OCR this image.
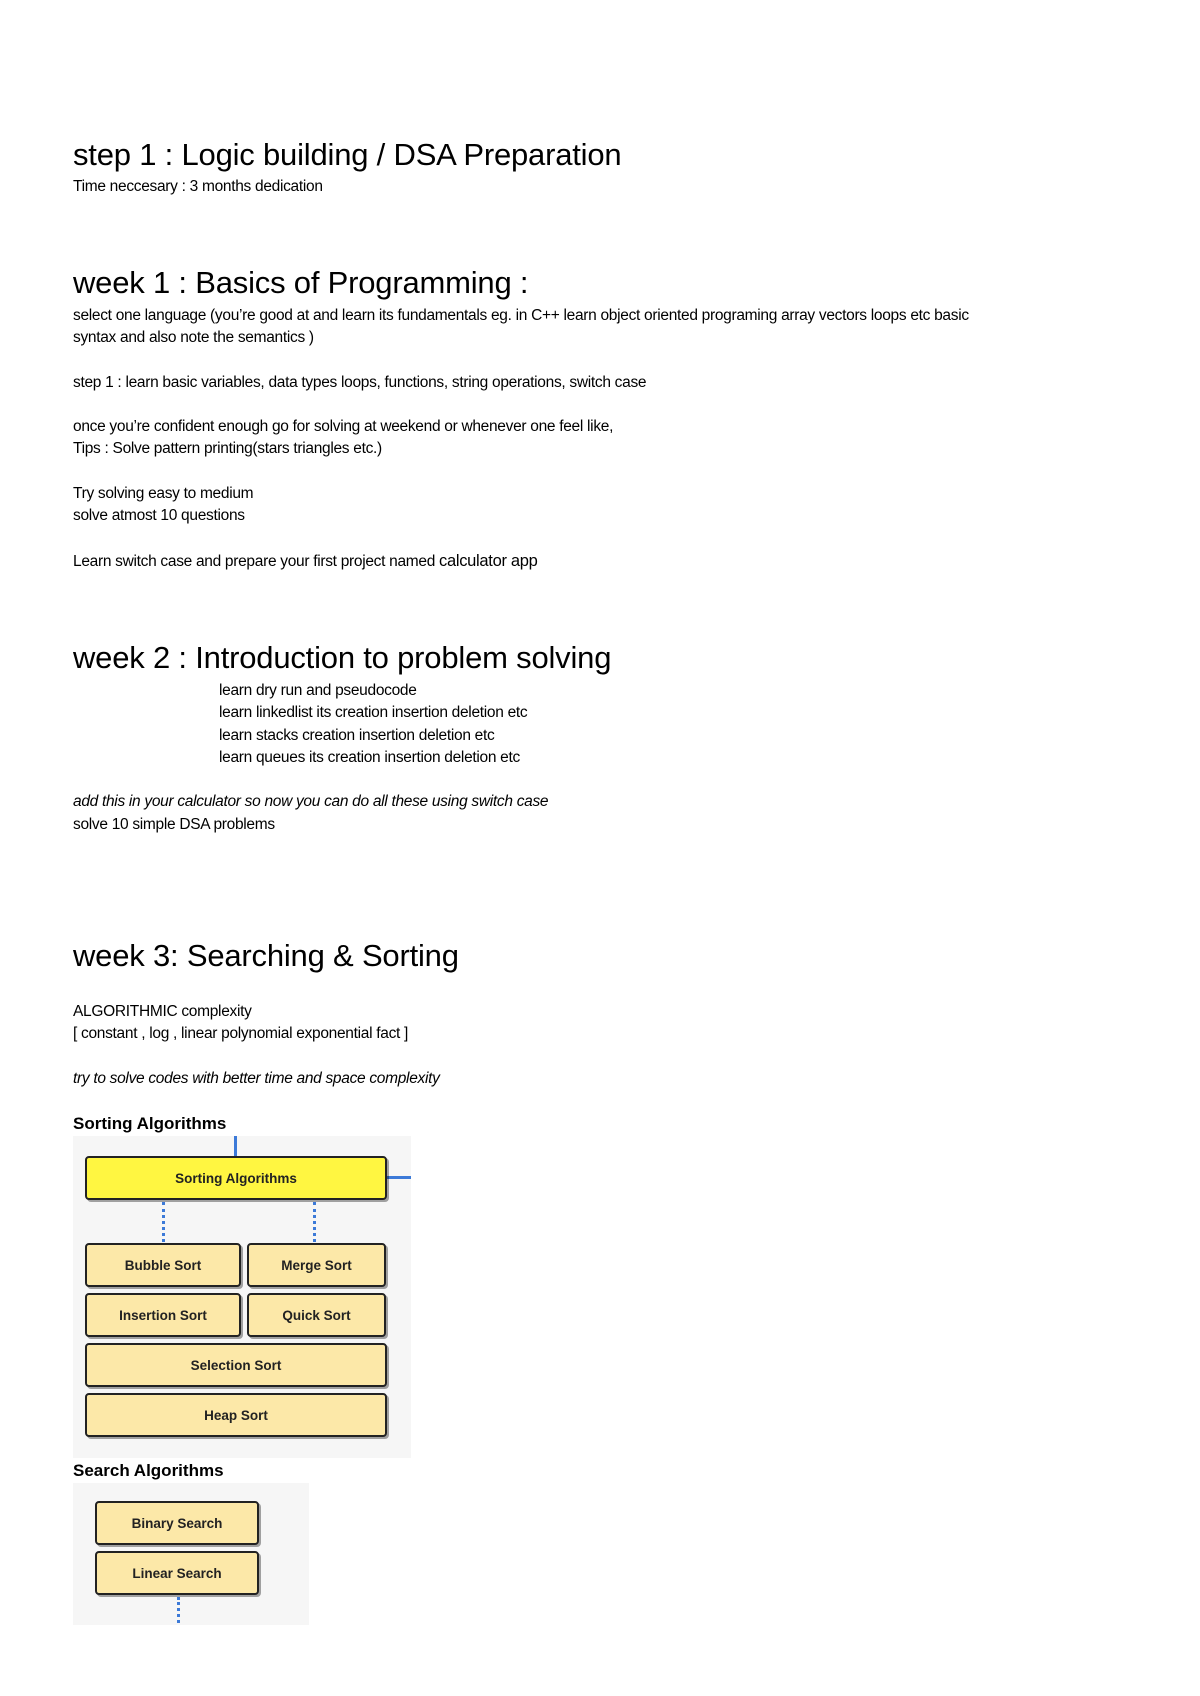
step 1 : Logic building / DSA Preparation
Time neccesary : 3 months dedication
week 1 : Basics of Programming :
select one language (you’re good at and learn its fundamentals eg. in C++ learn object oriented programing array vectors loops etc basic
syntax and also note the semantics )
step 1 : learn basic variables, data types loops, functions, string operations, switch case
once you’re confident enough go for solving at weekend or whenever one feel like,
Tips : Solve pattern printing(stars triangles etc.)
Try solving easy to medium
solve atmost 10 questions
Learn switch case and prepare your first project named calculator app
week 2 : Introduction to problem solving
learn dry run and pseudocode
learn linkedlist its creation insertion deletion etc
learn stacks creation insertion deletion etc
learn queues its creation insertion deletion etc
add this in your calculator so now you can do all these using switch case
solve 10 simple DSA problems
week 3: Searching & Sorting
ALGORITHMIC complexity
[ constant , log , linear polynomial exponential fact ]
try to solve codes with better time and space complexity
Sorting Algorithms
Sorting Algorithms
Bubble Sort	Merge Sort
Insertion Sort	Quick Sort
Selection Sort
Heap Sort
Search Algorithms
Binary Search
Linear Search
